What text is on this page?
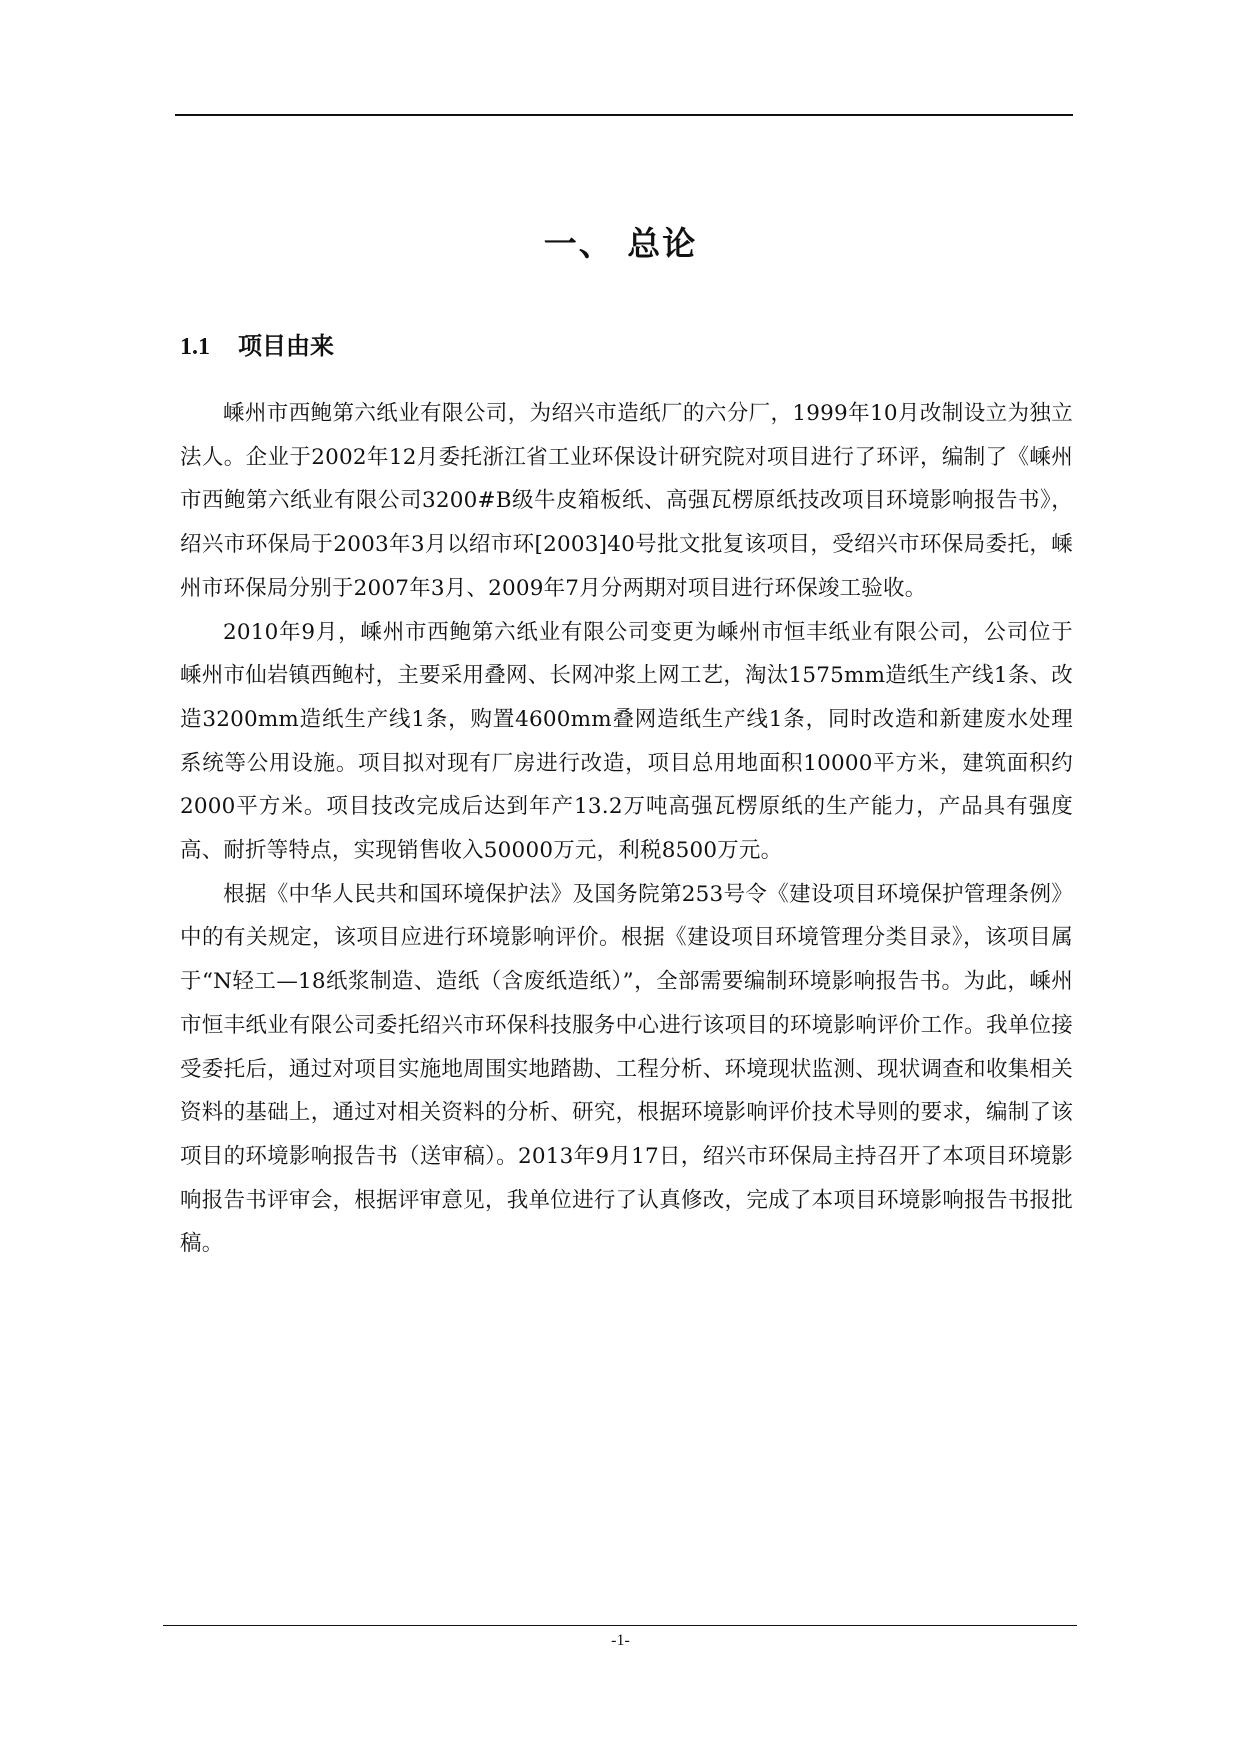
一、 总论
1.1 项目由来

嵊州市西鲍第六纸业有限公司，为绍兴市造纸厂的六分厂，1999年10月改制设立为独立法人。企业于2002年12月委托浙江省工业环保设计研究院对项目进行了环评，编制了《嵊州市西鲍第六纸业有限公司3200#B级牛皮箱板纸、高强瓦楞原纸技改项目环境影响报告书》，绍兴市环保局于2003年3月以绍市环[2003]40号批文批复该项目，受绍兴市环保局委托，嵊州市环保局分别于2007年3月、2009年7月分两期对项目进行环保竣工验收。

2010年9月，嵊州市西鲍第六纸业有限公司变更为嵊州市恒丰纸业有限公司，公司位于嵊州市仙岩镇西鲍村，主要采用叠网、长网冲浆上网工艺，淘汰1575mm造纸生产线1条、改造3200mm造纸生产线1条，购置4600mm叠网造纸生产线1条，同时改造和新建废水处理系统等公用设施。项目拟对现有厂房进行改造，项目总用地面积10000平方米，建筑面积约2000平方米。项目技改完成后达到年产13.2万吨高强瓦楞原纸的生产能力，产品具有强度高、耐折等特点，实现销售收入50000万元，利税8500万元。

根据《中华人民共和国环境保护法》及国务院第253号令《建设项目环境保护管理条例》中的有关规定，该项目应进行环境影响评价。根据《建设项目环境管理分类目录》，该项目属于“N轻工—18纸浆制造、造纸（含废纸造纸）”，全部需要编制环境影响报告书。为此，嵊州市恒丰纸业有限公司委托绍兴市环保科技服务中心进行该项目的环境影响评价工作。我单位接受委托后，通过对项目实施地周围实地踏勘、工程分析、环境现状监测、现状调查和收集相关资料的基础上，通过对相关资料的分析、研究，根据环境影响评价技术导则的要求，编制了该项目的环境影响报告书（送审稿）。2013年9月17日，绍兴市环保局主持召开了本项目环境影响报告书评审会，根据评审意见，我单位进行了认真修改，完成了本项目环境影响报告书报批稿。

-1-
